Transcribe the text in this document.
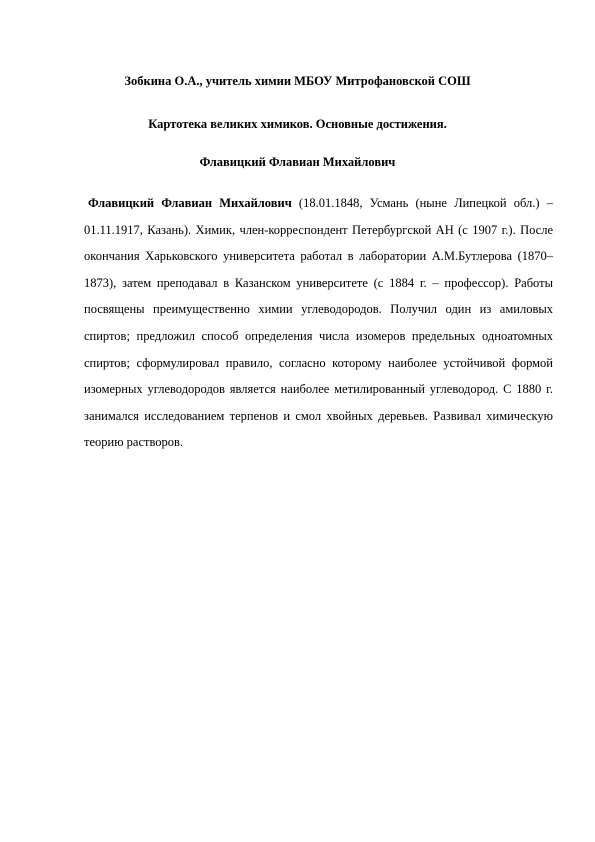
Зобкина О.А., учитель химии МБОУ Митрофановской СОШ

Картотека великих химиков. Основные достижения.

Флавицкий Флавиан Михайлович

Флавицкий Флавиан Михайлович (18.01.1848, Усмань (ныне Липецкой обл.) – 01.11.1917, Казань). Химик, член-корреспондент Петербургской АН (с 1907 г.). После окончания Харьковского университета работал в лаборатории А.М.Бутлерова (1870–1873), затем преподавал в Казанском университете (с 1884 г. – профессор). Работы посвящены преимущественно химии углеводородов. Получил один из амиловых спиртов; предложил способ определения числа изомеров предельных одноатомных спиртов; сформулировал правило, согласно которому наиболее устойчивой формой изомерных углеводородов является наиболее метилированный углеводород. С 1880 г. занимался исследованием терпенов и смол хвойных деревьев. Развивал химическую теорию растворов.
